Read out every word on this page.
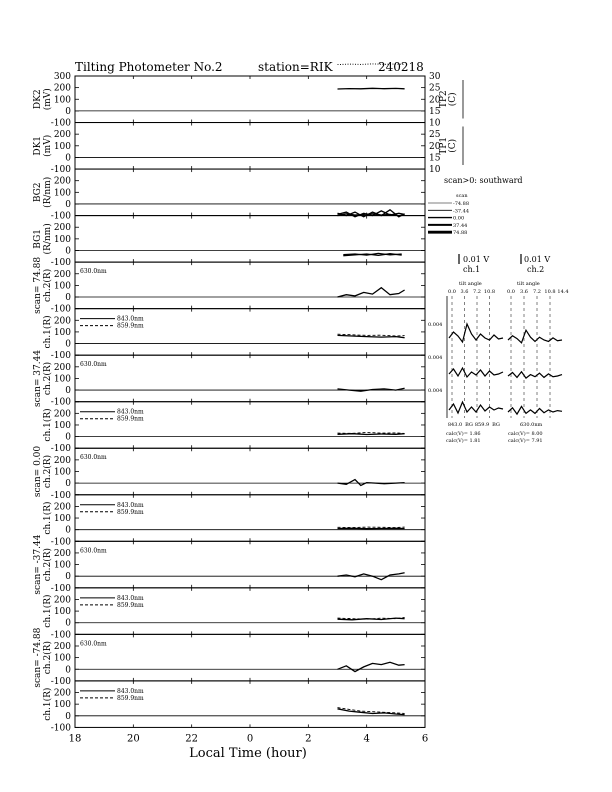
Tilting Photometer No.2	station=RIK	240218
Local Time (hour)
-100
0
100
200
300
DK2 (mV)
10
15
20
25
30
TP2 (C)
-100
0
100
200
DK1 (mV)
10
15
20
25
TP1 (C)
-100
0
100
200
BG2 (R/nm)
-100
0
100
200
BG1 (R/nm)
-100
0
100
200
scan= 74.88 ch.2(R)	630.0nm
-100
0
100
200
ch.1(R)	843.0nm
859.9nm
-100
0
100
200
scan= 37.44 ch.2(R)	630.0nm
-100
0
100
200
ch.1(R)	843.0nm
859.9nm
-100
0
100
200
scan= 0.00 ch.2(R)	630.0nm
-100
0
100
200
ch.1(R)	843.0nm
859.9nm
-100
0
100
200
scan= -37.44 ch.2(R)	630.0nm
-100
0
100
200
ch.1(R)	843.0nm
859.9nm
-100
0
100
200
scan= -74.88 ch.2(R)	630.0nm
-100
0
100
200
ch.1(R)	843.0nm
859.9nm
18	20	22	0	2	4	6
scan>0: southward
scan
-74.88
-37.44
0.00
37.44
74.88
0.01 V
ch.1
0.01 V
ch.2
tilt angle	tilt angle
0.0	0.0
3.6	3.6
7.2	7.2
10.8	10.8 14.4
0.004
0.004
0.004
843.0 BG 859.9 BG	630.0nm
calc(V)= 1.86
calc(V)= 1.81
calc(V)= 8.00
calc(V)= 7.91
